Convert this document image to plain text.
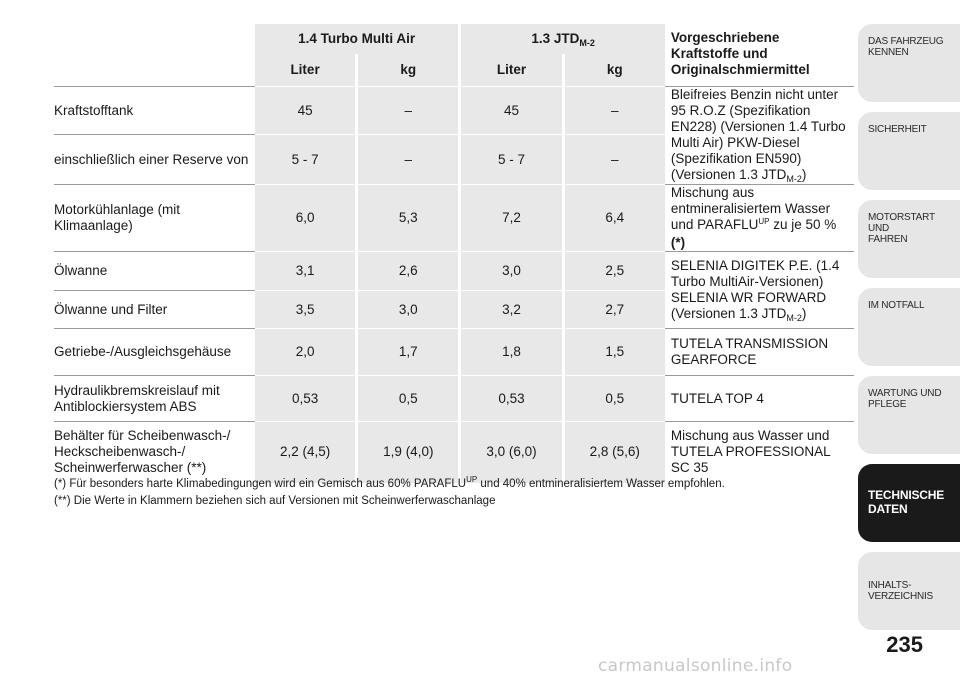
	1.4 Turbo Multi Air		1.3 $JTD_{M-2}$		Vorgeschriebene Kraftstoffe und Originalschmiermittel
	Liter	kg	Liter	kg	
Kraftstofftank	45	–	45	–	Bleifreies Benzin nicht unter 95 R.O.Z (Spezifikation EN228) (Versionen 1.4 Turbo Multi Air) PKW-Diesel (Spezifikation EN590) (Versionen 1.3 $JTD_{M-2}$)
einschließlich einer Reserve von	5 - 7	–	5 - 7	–	
Motorkühlanlage (mit Klimaanlage)	6,0	5,3	7,2	6,4	Mischung aus entmineralisiertem Wasser und $PARAFLU^{UP}$ zu je 50 %(*)
Ölwanne	3,1	2,6	3,0	2,5	SELENIA DIGITEK P.E. (1.4 Turbo MultiAir-Versionen)
SELENIA WR FORWARD (Versionen 1.3 $JTD_{M-2}$)
Ölwanne und Filter	3,5	3,0	3,2	2,7	
Getriebe-/Ausgleichsgehäuse	2,0	1,7	1,8	1,5	TUTELA TRANSMISSION GEARFORCE
Hydraulikbremskreislauf mit Antiblockiersystem ABS	0,53	0,5	0,53	0,5	TUTELA TOP 4
Behälter für Scheibenwasch-/ Heckscheibenwasch-/ Scheinwerferwascher (**)	2,2 (4,5)	1,9 (4,0)	3,0 (6,0)	2,8 (5,6)	Mischung aus Wasser und TUTELA PROFESSIONAL SC 35
(*) Für besonders harte Klimabedingungen wird ein Gemisch aus 60% $PARAFLU^{UP}$ und 40% entmineralisiertem Wasser empfohlen.
(**) Die Werte in Klammern beziehen sich auf Versionen mit Scheinwerferwaschanlage
DAS FAHRZEUG
KENNEN
SICHERHEIT
MOTORSTART UND
FAHREN
IM NOTFALL
WARTUNG UND
PFLEGE
TECHNISCHE
DATEN
INHALTS-
VERZEICHNIS
235
carmanualsonline.info
